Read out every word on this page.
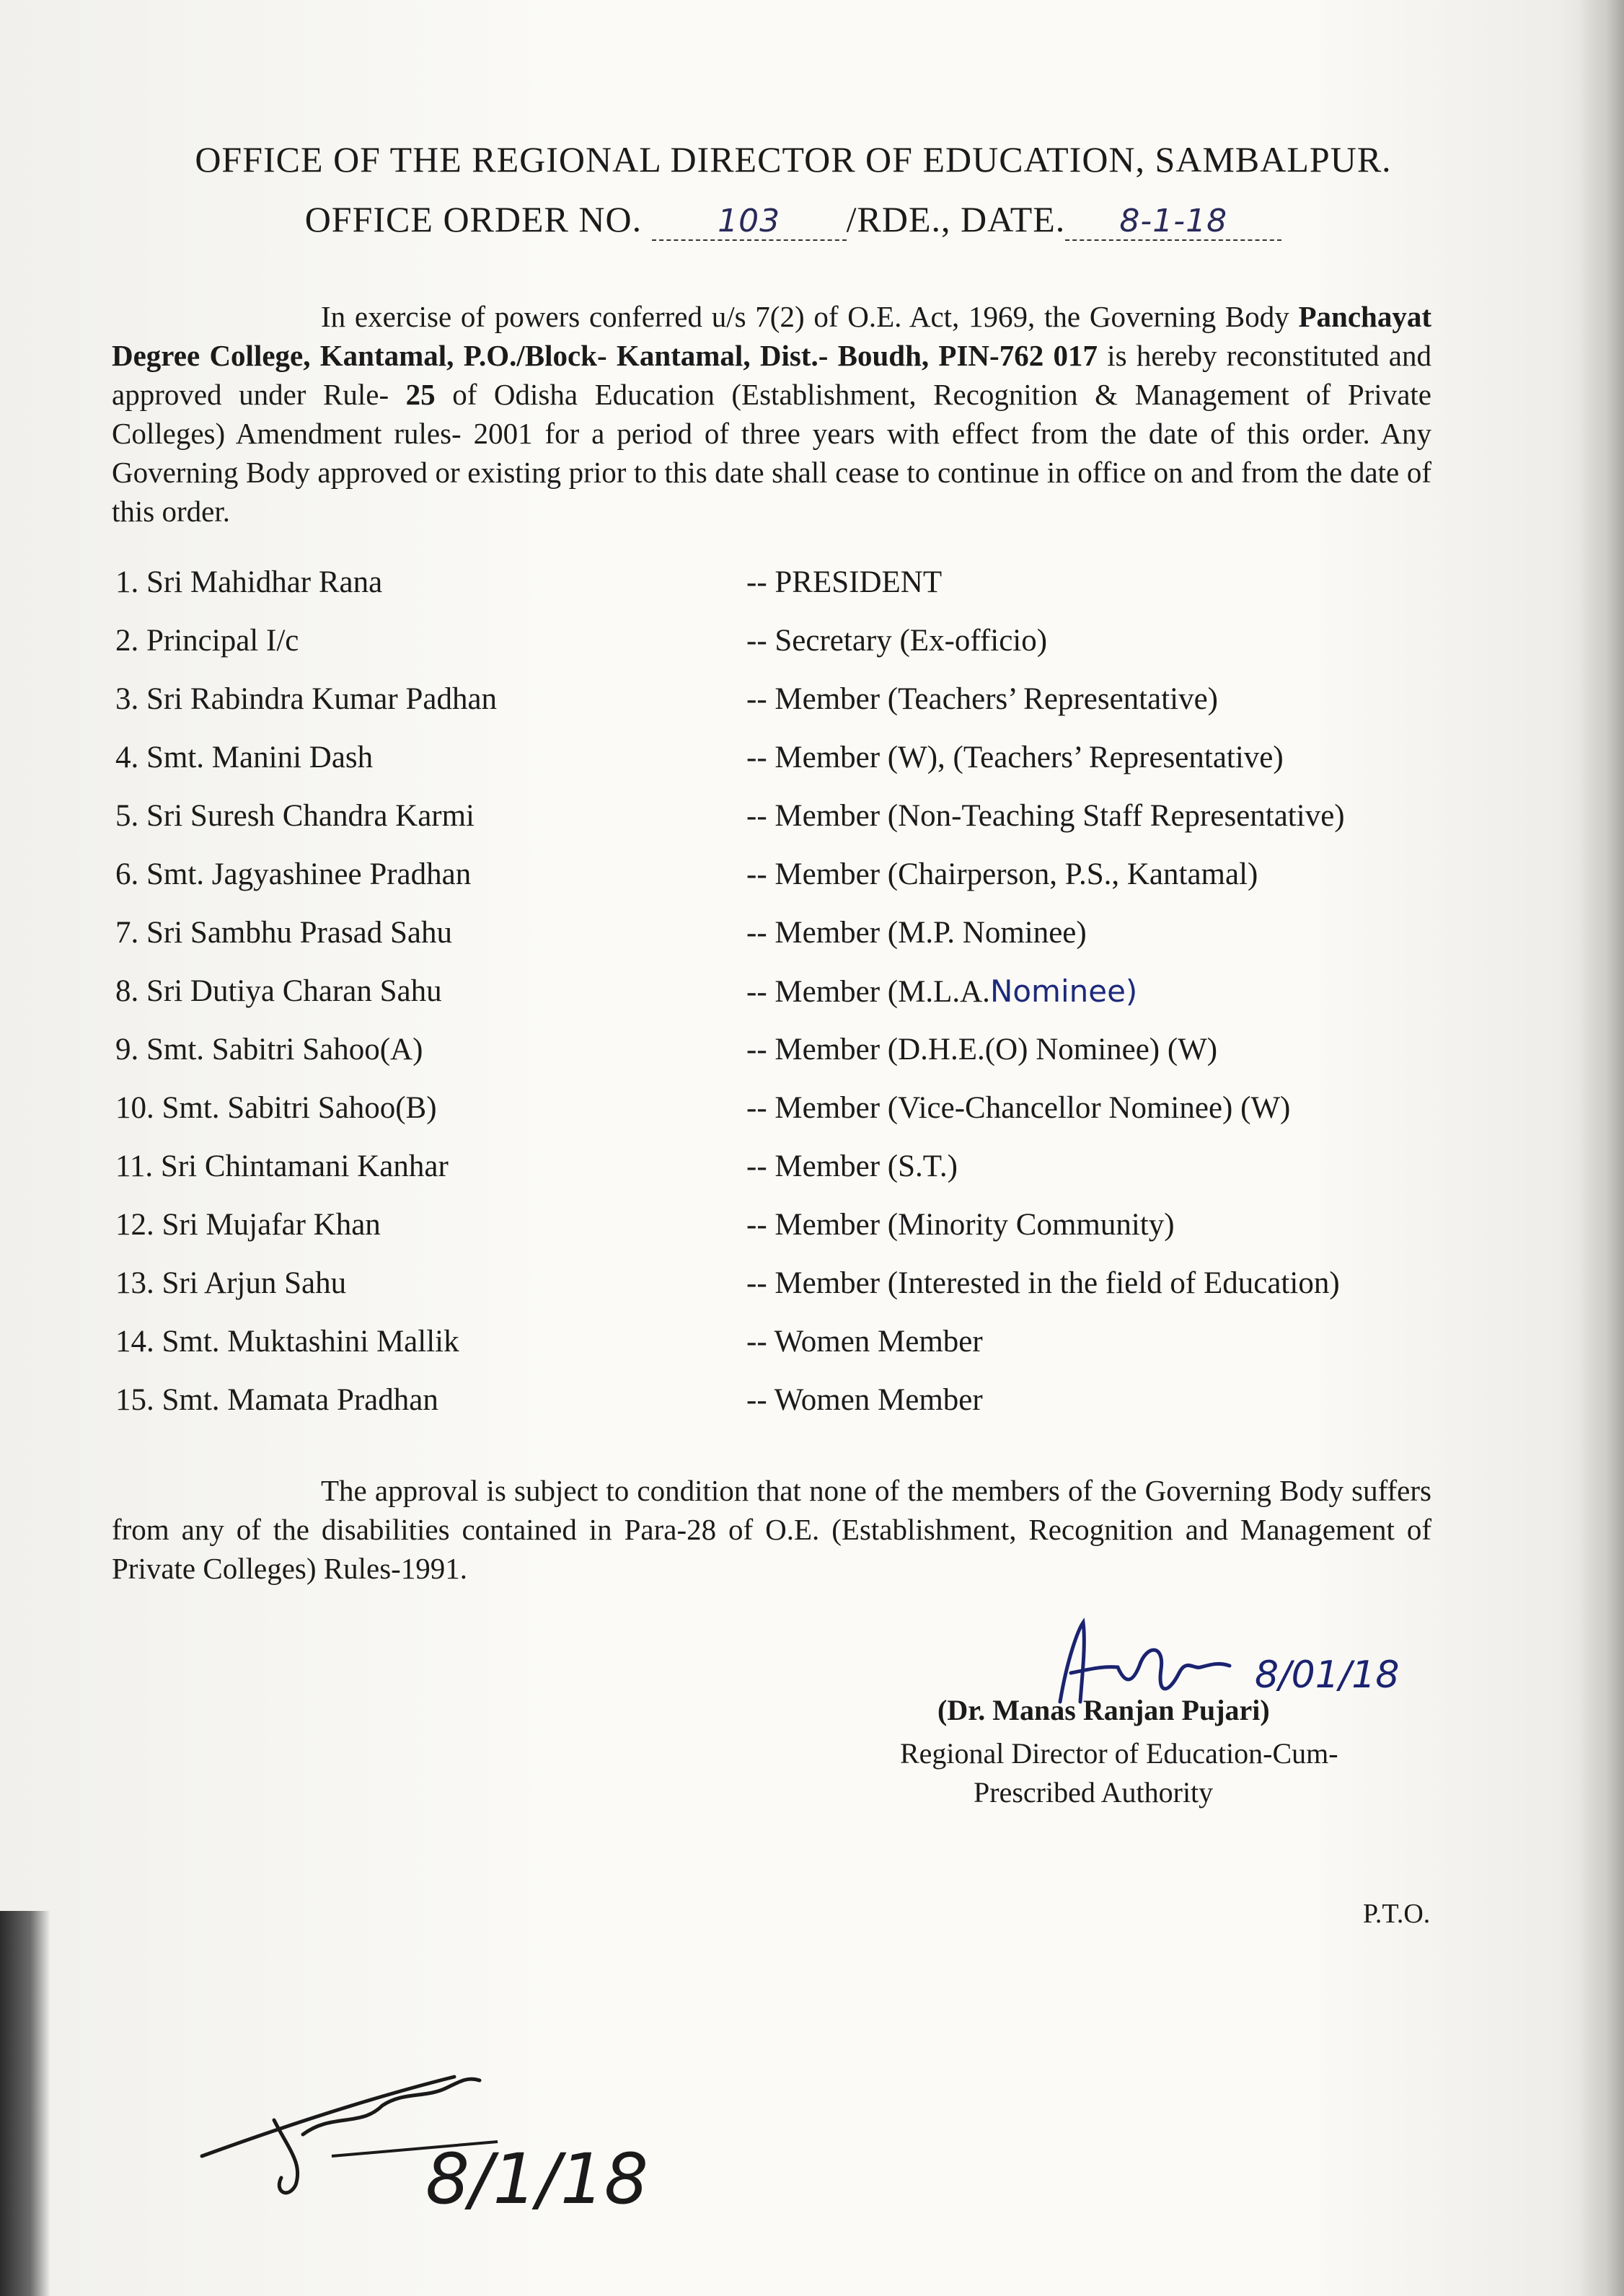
OFFICE OF THE REGIONAL DIRECTOR OF EDUCATION, SAMBALPUR.
OFFICE ORDER NO. 103 /RDE., DATE. 8-1-18
In exercise of powers conferred u/s 7(2) of O.E. Act, 1969, the Governing Body Panchayat Degree College, Kantamal, P.O./Block- Kantamal, Dist.- Boudh, PIN-762 017 is hereby reconstituted and approved under Rule- 25 of Odisha Education (Establishment, Recognition & Management of Private Colleges) Amendment rules- 2001 for a period of three years with effect from the date of this order. Any Governing Body approved or existing prior to this date shall cease to continue in office on and from the date of this order.
1. Sri Mahidhar Rana	-- PRESIDENT
2. Principal I/c	-- Secretary (Ex-officio)
3. Sri Rabindra Kumar Padhan	-- Member (Teachers’ Representative)
4. Smt. Manini Dash	-- Member (W), (Teachers’ Representative)
5. Sri Suresh Chandra Karmi	-- Member (Non-Teaching Staff Representative)
6. Smt. Jagyashinee Pradhan	-- Member (Chairperson, P.S., Kantamal)
7. Sri Sambhu Prasad Sahu	-- Member (M.P. Nominee)
8. Sri Dutiya Charan Sahu	-- Member (M.L.A.Nominee)
9. Smt. Sabitri Sahoo(A)	-- Member (D.H.E.(O) Nominee) (W)
10. Smt. Sabitri Sahoo(B)	-- Member (Vice-Chancellor Nominee) (W)
11. Sri Chintamani Kanhar	-- Member (S.T.)
12. Sri Mujafar Khan	-- Member (Minority Community)
13. Sri Arjun Sahu	-- Member (Interested in the field of Education)
14. Smt. Muktashini Mallik	-- Women Member
15. Smt. Mamata Pradhan	-- Women Member
The approval is subject to condition that none of the members of the Governing Body suffers from any of the disabilities contained in Para-28 of O.E. (Establishment, Recognition and Management of Private Colleges) Rules-1991.
8/01/18
(Dr. Manas Ranjan Pujari)
Regional Director of Education-Cum-
Prescribed Authority
P.T.O.
8/1/18
